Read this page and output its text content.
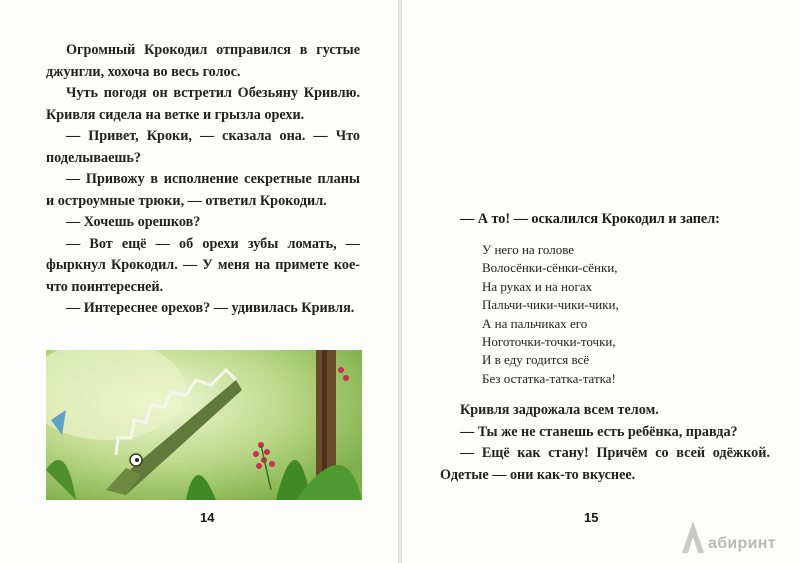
Огромный Крокодил отправился в густые джунгли, хохоча во весь голос.

Чуть погодя он встретил Обезьяну Кривлю. Кривля сидела на ветке и грызла орехи.

— Привет, Кроки, — сказала она. — Что поделываешь?

— Привожу в исполнение секретные планы и остроумные трюки, — ответил Крокодил.

— Хочешь орешков?

— Вот ещё — об орехи зубы ломать, — фыркнул Крокодил. — У меня на примете кое-что поинтересней.

— Интереснее орехов? — удивилась Кривля.

14
— А то! — оскалился Крокодил и запел:
У него на голове
Волосёнки-сёнки-сёнки,
На руках и на ногах
Пальчи-чики-чики-чики,
А на пальчиках его
Ноготочки-точки-точки,
И в еду годится всё
Без остатка-татка-татка!

Кривля задрожала всем телом.

— Ты же не станешь есть ребёнка, правда?

— Ещё как стану! Причём со всей одёжкой. Одетые — они как-то вкуснее.

15
абиринт
